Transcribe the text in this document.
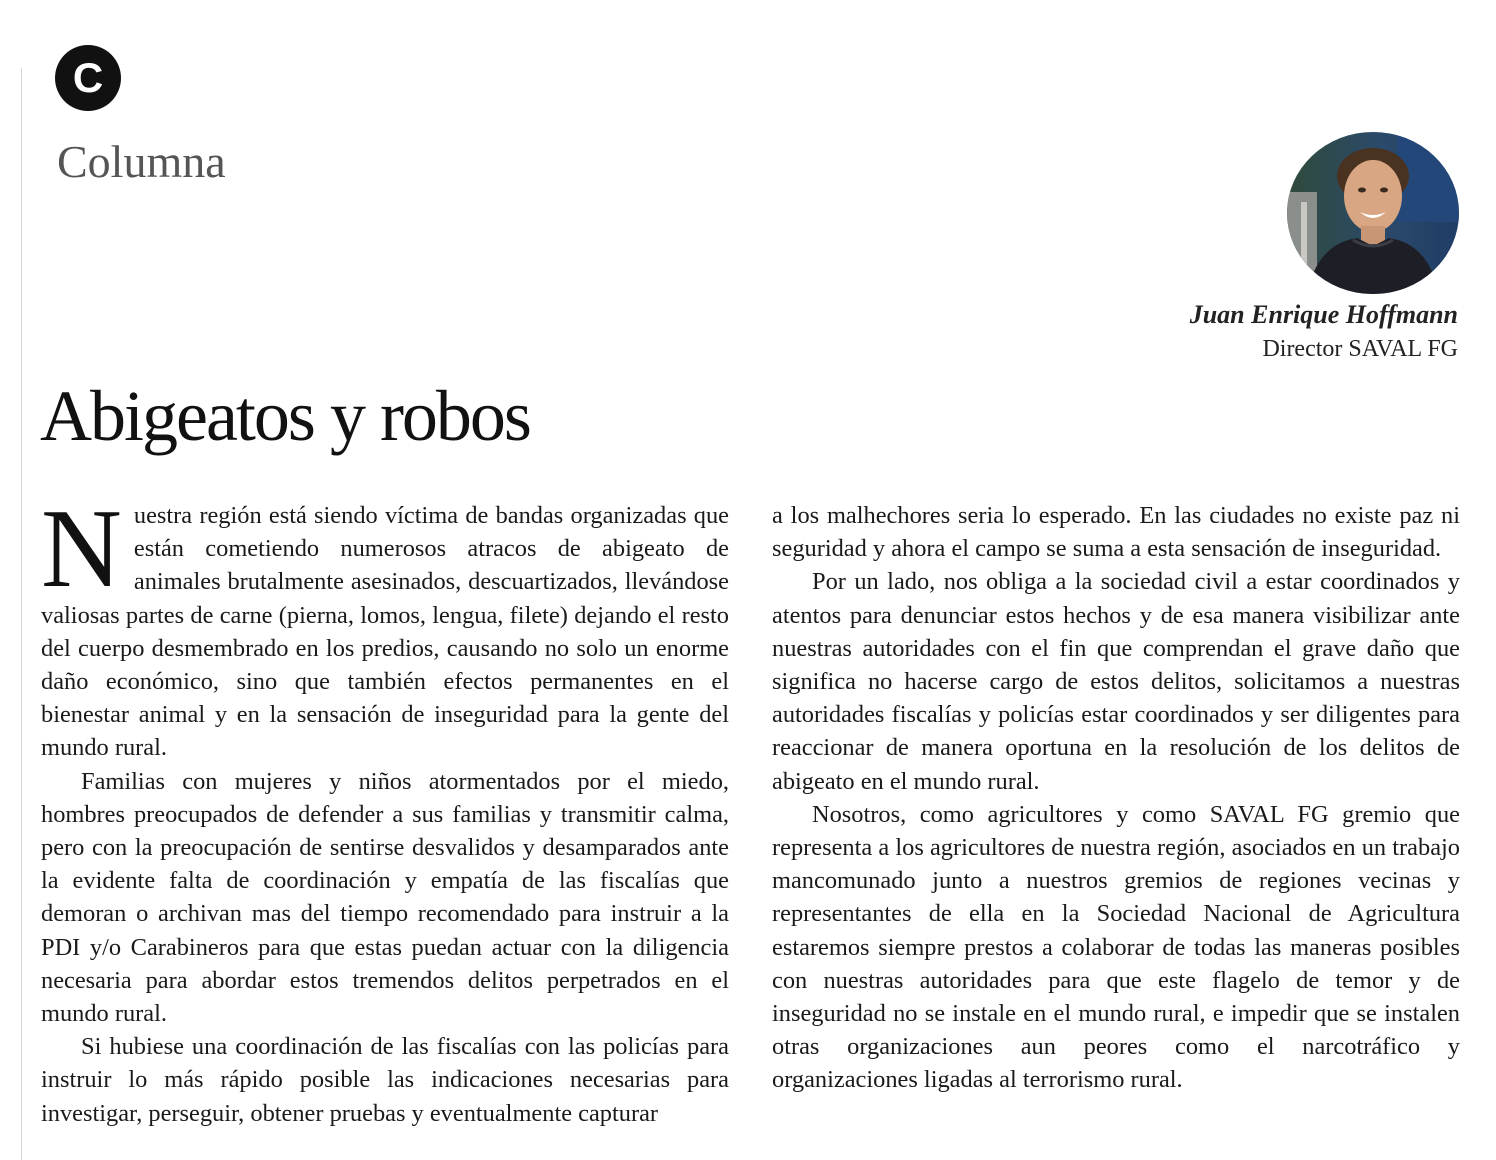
C
Columna
Juan Enrique Hoffmann
Director SAVAL FG
Abigeatos y robos

Nuestra región está siendo víctima de bandas organizadas que están cometiendo numerosos atracos de abigeato de animales brutalmente asesinados, descuartizados, llevándose valiosas partes de carne (pierna, lomos, lengua, filete) dejando el resto del cuerpo desmembrado en los predios, causando no solo un enorme daño económico, sino que también efectos permanentes en el bienestar animal y en la sensación de inseguridad para la gente del mundo rural.

Familias con mujeres y niños atormentados por el miedo, hombres preocupados de defender a sus familias y transmitir calma, pero con la preocupación de sentirse desvalidos y desamparados ante la evidente falta de coordinación y empatía de las fiscalías que demoran o archivan mas del tiempo recomendado para instruir a la PDI y/o Carabineros para que estas puedan actuar con la diligencia necesaria para abordar estos tremendos delitos perpetrados en el mundo rural.

Si hubiese una coordinación de las fiscalías con las policías para instruir lo más rápido posible las indicaciones necesarias para investigar, perseguir, obtener pruebas y eventualmente capturar

a los malhechores seria lo esperado. En las ciudades no existe paz ni seguridad y ahora el campo se suma a esta sensación de inseguridad.

Por un lado, nos obliga a la sociedad civil a estar coordinados y atentos para denunciar estos hechos y de esa manera visibilizar ante nuestras autoridades con el fin que comprendan el grave daño que significa no hacerse cargo de estos delitos, solicitamos a nuestras autoridades fiscalías y policías estar coordinados y ser diligentes para reaccionar de manera oportuna en la resolución de los delitos de abigeato en el mundo rural.

Nosotros, como agricultores y como SAVAL FG gremio que representa a los agricultores de nuestra región, asociados en un trabajo mancomunado junto a nuestros gremios de regiones vecinas y representantes de ella en la Sociedad Nacional de Agricultura estaremos siempre prestos a colaborar de todas las maneras posibles con nuestras autoridades para que este flagelo de temor y de inseguridad no se instale en el mundo rural, e impedir que se instalen otras organizaciones aun peores como el narcotráfico y organizaciones ligadas al terrorismo rural.
